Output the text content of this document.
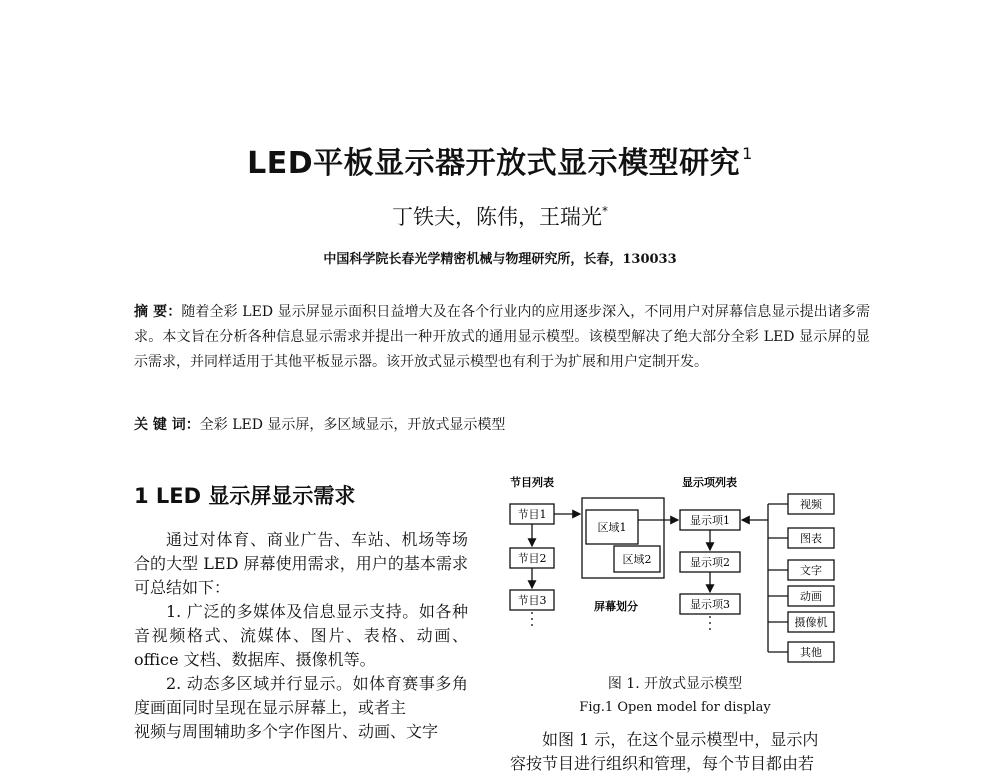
LED平板显示器开放式显示模型研究 $^1$
丁铁夫，陈伟，王瑞光*
中国科学院长春光学精密机械与物理研究所，长春，130033
摘 要：随着全彩 LED 显示屏显示面积日益增大及在各个行业内的应用逐步深入，不同用户对屏幕信息显示提出诸多需求。本文旨在分析各种信息显示需求并提出一种开放式的通用显示模型。该模型解决了绝大部分全彩 LED 显示屏的显示需求，并同样适用于其他平板显示器。该开放式显示模型也有利于为扩展和用户定制开发。
关 键 词：全彩 LED 显示屏，多区域显示，开放式显示模型
1 LED 显示屏显示需求

通过对体育、商业广告、车站、机场等场合的大型 LED 屏幕使用需求，用户的基本需求可总结如下：

1. 广泛的多媒体及信息显示支持。如各种音视频格式、流媒体、图片、表格、动画、office 文档、数据库、摄像机等。

2. 动态多区域并行显示。如体育赛事多角度画面同时呈现在显示屏幕上，或者主

视频与周围辅助多个字作图片、动画、文字

节目列表	显示项列表
节目1
节目2
节目3
区域1
区域2
屏幕划分
显示项1
显示项2
显示项3
视频
图表
文字
动画
摄像机
其他
图 1. 开放式显示模型
Fig.1 Open model for display

如图 1 示，在这个显示模型中，显示内

容按节目进行组织和管理，每个节目都由若
